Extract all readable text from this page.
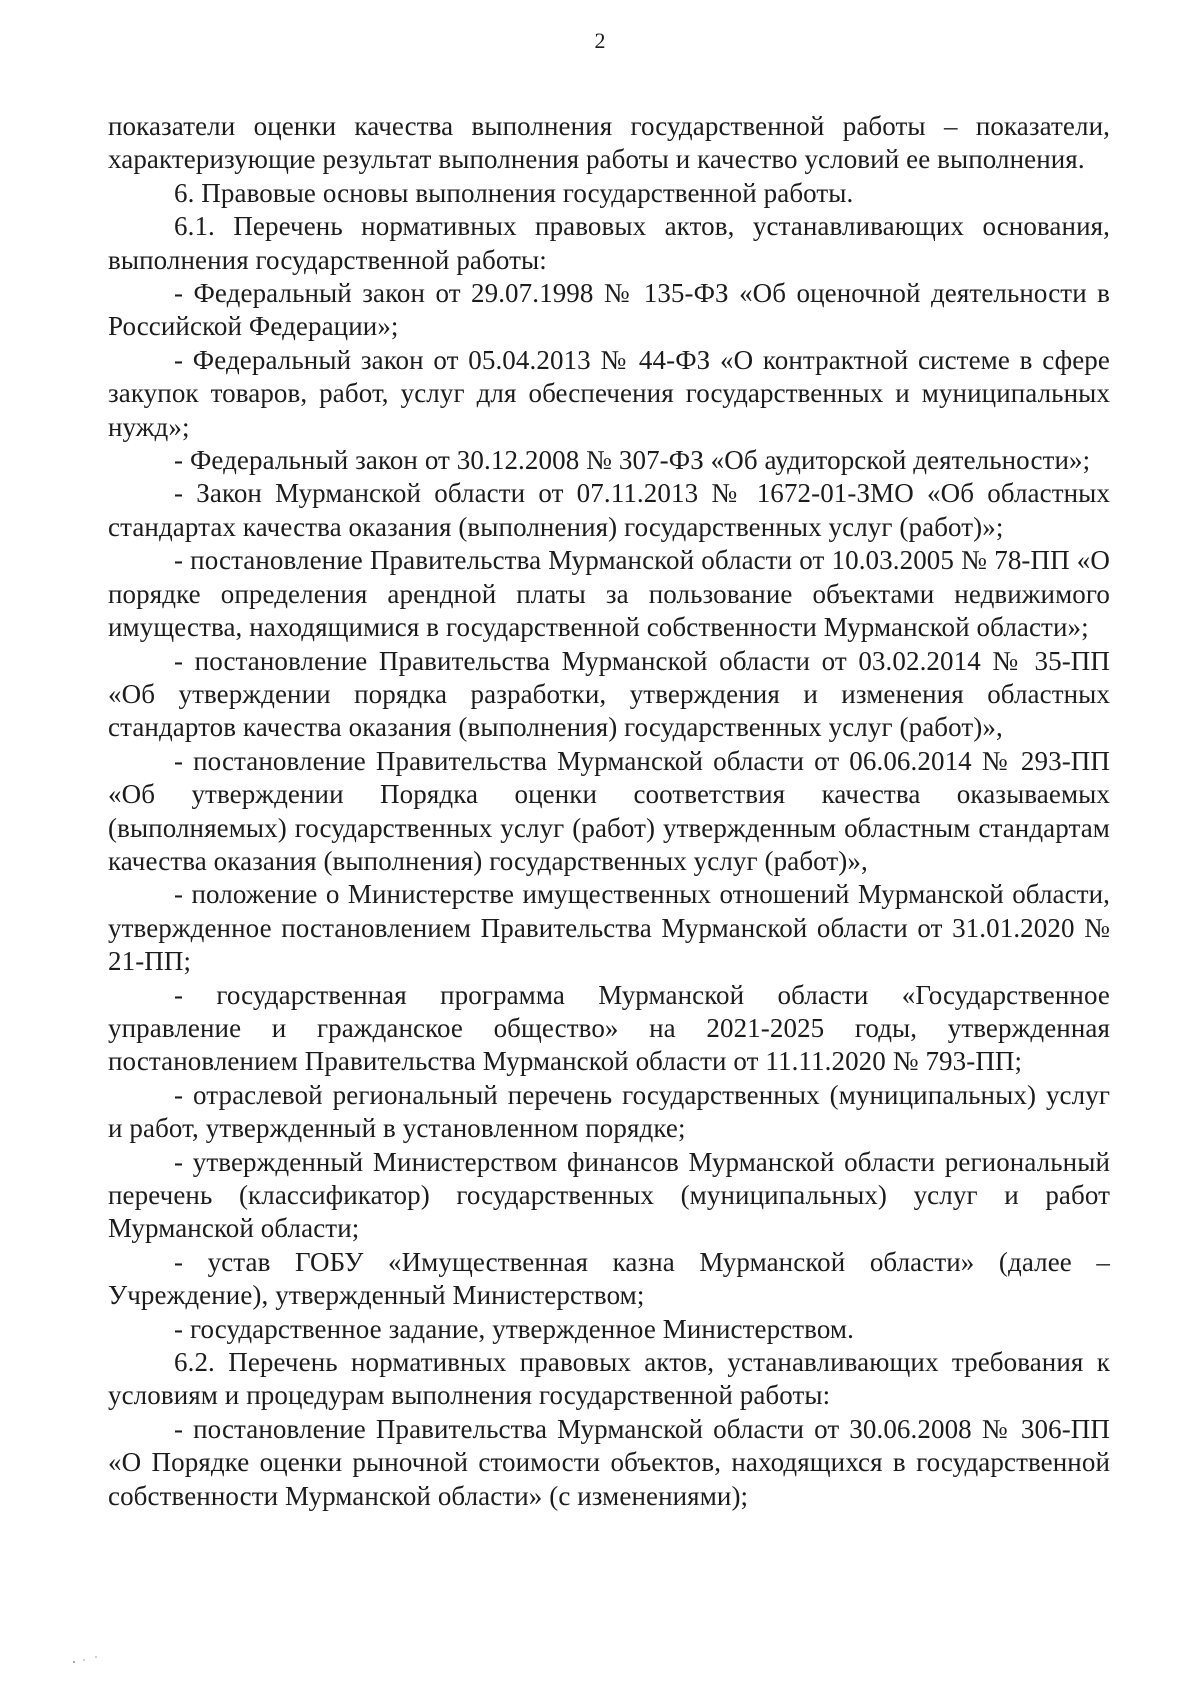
2

показатели оценки качества выполнения государственной работы – показатели, характеризующие результат выполнения работы и качество условий ее выполнения.

6. Правовые основы выполнения государственной работы.

6.1. Перечень нормативных правовых актов, устанавливающих основания, выполнения государственной работы:

- Федеральный закон от 29.07.1998 № 135-ФЗ «Об оценочной деятельности в Российской Федерации»;

- Федеральный закон от 05.04.2013 № 44-ФЗ «О контрактной системе в сфере закупок товаров, работ, услуг для обеспечения государственных и муниципальных нужд»;

- Федеральный закон от 30.12.2008 № 307-ФЗ «Об аудиторской деятельности»;

- Закон Мурманской области от 07.11.2013 № 1672-01-ЗМО «Об областных стандартах качества оказания (выполнения) государственных услуг (работ)»;

- постановление Правительства Мурманской области от 10.03.2005 № 78-ПП «О порядке определения арендной платы за пользование объектами недвижимого имущества, находящимися в государственной собственности Мурманской области»;

- постановление Правительства Мурманской области от 03.02.2014 № 35-ПП «Об утверждении порядка разработки, утверждения и изменения областных стандартов качества оказания (выполнения) государственных услуг (работ)»,

- постановление Правительства Мурманской области от 06.06.2014 № 293-ПП «Об утверждении Порядка оценки соответствия качества оказываемых (выполняемых) государственных услуг (работ) утвержденным областным стандартам качества оказания (выполнения) государственных услуг (работ)»,

- положение о Министерстве имущественных отношений Мурманской области, утвержденное постановлением Правительства Мурманской области от 31.01.2020 № 21-ПП;

- государственная программа Мурманской области «Государственное управление и гражданское общество» на 2021-2025 годы, утвержденная постановлением Правительства Мурманской области от 11.11.2020 № 793-ПП;

- отраслевой региональный перечень государственных (муниципальных) услуг и работ, утвержденный в установленном порядке;

- утвержденный Министерством финансов Мурманской области региональный перечень (классификатор) государственных (муниципальных) услуг и работ Мурманской области;

- устав ГОБУ «Имущественная казна Мурманской области» (далее – Учреждение), утвержденный Министерством;

- государственное задание, утвержденное Министерством.

6.2. Перечень нормативных правовых актов, устанавливающих требования к условиям и процедурам выполнения государственной работы:

- постановление Правительства Мурманской области от 30.06.2008 № 306-ПП «О Порядке оценки рыночной стоимости объектов, находящихся в государственной собственности Мурманской области» (с изменениями);
